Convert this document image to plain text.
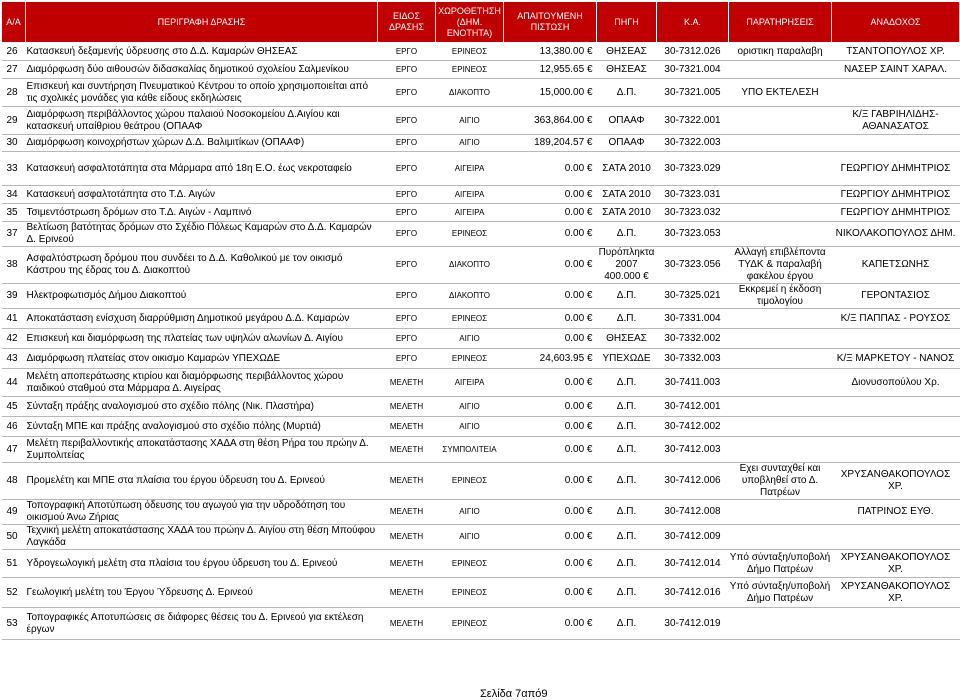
Α/Α	ΠΕΡΙΓΡΑΦΗ ΔΡΑΣΗΣ	ΕΙΔΟΣ ΔΡΑΣΗΣ	ΧΩΡΟΘΕΤΗΣΗ (ΔΗΜ. ΕΝΟΤΗΤΑ)	ΑΠΑΙΤΟΥΜΕΝΗ ΠΙΣΤΩΣΗ	ΠΗΓΗ	Κ.Α.	ΠΑΡΑΤΗΡΗΣΕΙΣ	ΑΝΑΔΟΧΟΣ
26	Κατασκευή δεξαμενής ύδρευσης στο Δ.Δ. Καμαρών ΘΗΣΕΑΣ	ΕΡΓΟ	ΕΡΙΝΕΟΣ	13,380.00 €	ΘΗΣΕΑΣ	30-7312.026	οριστικη παραλαβη	ΤΣΑΝΤΟΠΟΥΛΟΣ ΧΡ.
27	Διαμόρφωση δύο αιθουσών διδασκαλίας δημοτικού σχολείου Σαλμενίκου	ΕΡΓΟ	ΕΡΙΝΕΟΣ	12,955.65 €	ΘΗΣΕΑΣ	30-7321.004		ΝΑΣΕΡ ΣΑΙΝΤ ΧΑΡΑΛ.
28	Επισκευή και συντήρηση Πνευματικού Κέντρου το οποίο χρησιμοποιείται από τις σχολικές μονάδες για κάθε είδους εκδηλώσεις	ΕΡΓΟ	ΔΙΑΚΟΠΤΟ	15,000.00 €	Δ.Π.	30-7321.005	ΥΠΟ ΕΚΤΕΛΕΣΗ	
29	Διαμόρφωση περιβάλλοντος χώρου παλαιού Νοσοκομείου Δ.Αιγίου και κατασκευή υπαίθριου θεάτρου (ΟΠΑΑΦ	ΕΡΓΟ	ΑΙΓΙΟ	363,864.00 €	ΟΠΑΑΦ	30-7322.001		Κ/Ξ ΓΑΒΡΙΗΛΙΔΗΣ-ΑΘΑΝΑΣΑΤΟΣ
30	Διαμόρφωση κοινοχρήστων χώρων Δ.Δ. Βαλιμιτίκων (ΟΠΑΑΦ)	ΕΡΓΟ	ΑΙΓΙΟ	189,204.57 €	ΟΠΑΑΦ	30-7322.003		
33	Κατασκευή ασφαλτοτάπητα στα Μάρμαρα από 18η Ε.Ο. έως νεκροταφείο	ΕΡΓΟ	ΑΙΓΕΙΡΑ	0.00 €	ΣΑΤΑ 2010	30-7323.029		ΓΕΩΡΓΙΟΥ ΔΗΜΗΤΡΙΟΣ
34	Κατασκευή ασφαλτοτάπητα στο Τ.Δ. Αιγών	ΕΡΓΟ	ΑΙΓΕΙΡΑ	0.00 €	ΣΑΤΑ 2010	30-7323.031		ΓΕΩΡΓΙΟΥ ΔΗΜΗΤΡΙΟΣ
35	Τσιμεντόστρωση δρόμων στο Τ.Δ. Αιγών - Λαμπινό	ΕΡΓΟ	ΑΙΓΕΙΡΑ	0.00 €	ΣΑΤΑ 2010	30-7323.032		ΓΕΩΡΓΙΟΥ ΔΗΜΗΤΡΙΟΣ
37	Βελτίωση βατότητας δρόμων στο Σχέδιο Πόλεως Καμαρών στο Δ.Δ. Καμαρών Δ. Ερινεού	ΕΡΓΟ	ΕΡΙΝΕΟΣ	0.00 €	Δ.Π.	30-7323.053		ΝΙΚΟΛΑΚΟΠΟΥΛΟΣ ΔΗΜ.
38	Ασφαλτόστρωση δρόμου που συνδέει το Δ.Δ. Καθολικού με τον οικισμό Κάστρου της έδρας του Δ. Διακοπτού	ΕΡΓΟ	ΔΙΑΚΟΠΤΟ	0.00 €	Πυρόπληκτα 2007 400.000 €	30-7323.056	Αλλαγή επιβλέποντα ΤΥΔΚ & παραλαβή φακέλου έργου	ΚΑΠΕΤΣΩΝΗΣ
39	Ηλεκτροφωτισμός Δήμου Διακοπτού	ΕΡΓΟ	ΔΙΑΚΟΠΤΟ	0.00 €	Δ.Π.	30-7325.021	Εκκρεμεί η έκδοση τιμολογίου	ΓΕΡΟΝΤΑΣΙΟΣ
41	Αποκατάσταση ενίσχυση διαρρύθμιση Δημοτικού μεγάρου Δ.Δ. Καμαρών	ΕΡΓΟ	ΕΡΙΝΕΟΣ	0.00 €	Δ.Π.	30-7331.004		Κ/Ξ ΠΑΠΠΑΣ - ΡΟΥΣΟΣ
42	Επισκευή και διαμόρφωση της πλατείας των υψηλών αλωνίων Δ. Αιγίου	ΕΡΓΟ	ΑΙΓΙΟ	0.00 €	ΘΗΣΕΑΣ	30-7332.002		
43	Διαμόρφωση πλατείας στον οικισμο Καμαρών ΥΠΕΧΩΔΕ	ΕΡΓΟ	ΕΡΙΝΕΟΣ	24,603.95 €	ΥΠΕΧΩΔΕ	30-7332.003		Κ/Ξ ΜΑΡΚΕΤΟΥ - ΝΑΝΟΣ
44	Μελέτη αποπεράτωσης κτιρίου και διαμόρφωσης περιβάλλοντος χώρου παιδικού σταθμού στα Μάρμαρα Δ. Αιγείρας	ΜΕΛΕΤΗ	ΑΙΓΕΙΡΑ	0.00 €	Δ.Π.	30-7411.003		Διονυσοπούλου Χρ.
45	Σύνταξη πράξης αναλογισμού στο σχέδιο πόλης (Νικ. Πλαστήρα)	ΜΕΛΕΤΗ	ΑΙΓΙΟ	0.00 €	Δ.Π.	30-7412.001		
46	Σύνταξη ΜΠΕ και πράξης αναλογισμού στο σχέδιο πόλης (Μυρτιά)	ΜΕΛΕΤΗ	ΑΙΓΙΟ	0.00 €	Δ.Π.	30-7412.002		
47	Μελέτη περιβαλλοντικής αποκατάστασης ΧΑΔΑ στη θέση Ρήρα του πρώην Δ. Συμπολιτείας	ΜΕΛΕΤΗ	ΣΥΜΠΟΛΙΤΕΙΑ	0.00 €	Δ.Π.	30-7412.003		
48	Προμελέτη και ΜΠΕ στα πλαίσια του έργου ύδρευση του Δ. Ερινεού	ΜΕΛΕΤΗ	ΕΡΙΝΕΟΣ	0.00 €	Δ.Π.	30-7412.006	Εχει συνταχθεί και υποβληθεί στο Δ. Πατρέων	ΧΡΥΣΑΝΘΑΚΟΠΟΥΛΟΣ ΧΡ.
49	Τοπογραφική Αποτύπωση όδευσης του αγωγού για την υδροδότηση του οικισμού Άνω Ζήριας	ΜΕΛΕΤΗ	ΑΙΓΙΟ	0.00 €	Δ.Π.	30-7412.008		ΠΑΤΡΙΝΟΣ ΕΥΘ.
50	Τεχνική μελέτη αποκατάστασης ΧΑΔΑ του πρώην Δ. Αιγίου στη θέση Μπούφου Λαγκάδα	ΜΕΛΕΤΗ	ΑΙΓΙΟ	0.00 €	Δ.Π.	30-7412.009		
51	Υδρογεωλογική μελέτη στα πλαίσια του έργου ύδρευση του Δ. Ερινεού	ΜΕΛΕΤΗ	ΕΡΙΝΕΟΣ	0.00 €	Δ.Π.	30-7412.014	Υπό σύνταξη/υποβολή Δήμο Πατρέων	ΧΡΥΣΑΝΘΑΚΟΠΟΥΛΟΣ ΧΡ.
52	Γεωλογική μελέτη του Έργου Ύδρευσης Δ. Ερινεού	ΜΕΛΕΤΗ	ΕΡΙΝΕΟΣ	0.00 €	Δ.Π.	30-7412.016	Υπό σύνταξη/υποβολή Δήμο Πατρέων	ΧΡΥΣΑΝΘΑΚΟΠΟΥΛΟΣ ΧΡ.
53	Τοπογραφικές Αποτυπώσεις σε διάφορες θέσεις του Δ. Ερινεού για εκτέλεση έργων	ΜΕΛΕΤΗ	ΕΡΙΝΕΟΣ	0.00 €	Δ.Π.	30-7412.019		
Σελίδα 7από9
